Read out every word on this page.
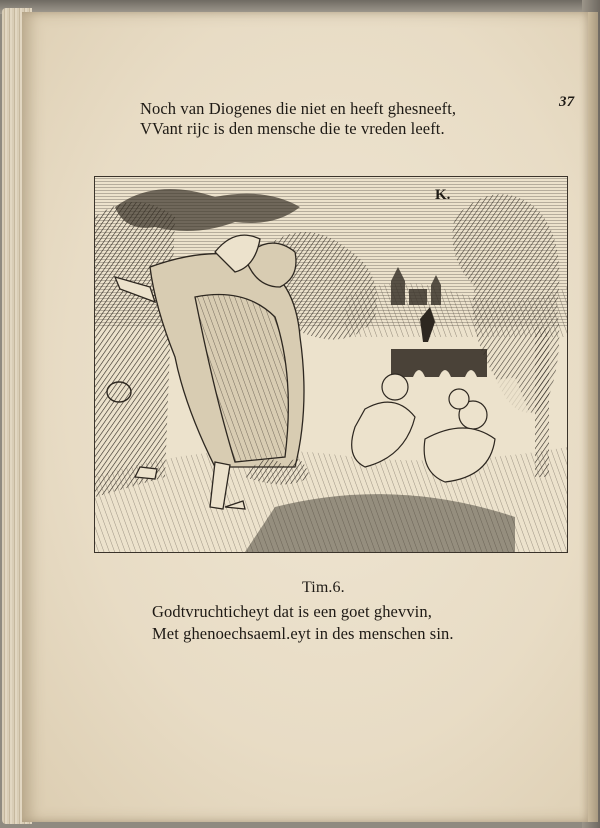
Noch van Diogenes die niet en heeft ghesneeft,
VVant rijc is den mensche die te vreden leeft.
37
K.
Tim.6.
Godtvruchticheyt dat is een goet ghevvin,
Met ghenoechsaeml.eyt in des menschen sin.
